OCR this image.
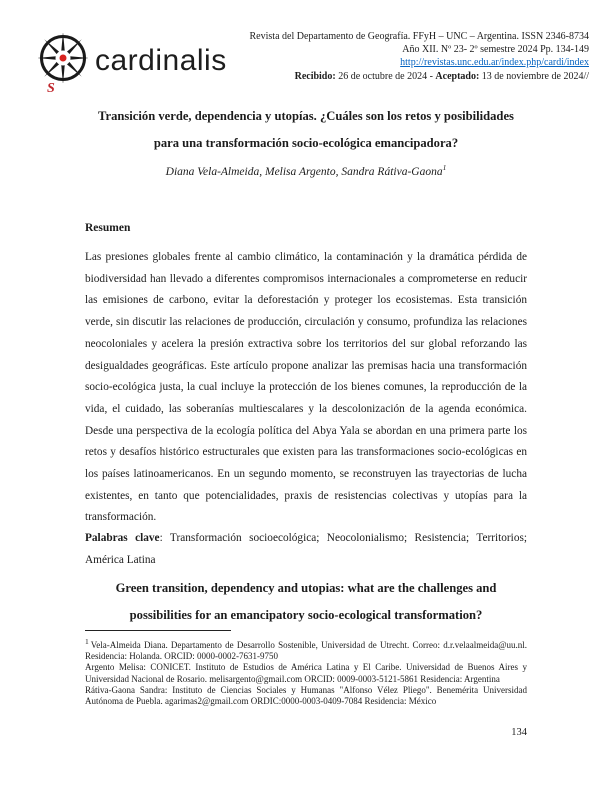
S
cardinalis
Revista del Departamento de Geografía. FFyH – UNC – Argentina. ISSN 2346-8734
Año XII. Nº 23- 2º semestre 2024 Pp. 134-149
http://revistas.unc.edu.ar/index.php/cardi/index
Recibido: 26 de octubre de 2024 - Aceptado: 13 de noviembre de 2024//
Transición verde, dependencia y utopías. ¿Cuáles son los retos y posibilidades para una transformación socio-ecológica emancipadora?
Diana Vela-Almeida, Melisa Argento, Sandra Rátiva-Gaona$^1$
Resumen

Las presiones globales frente al cambio climático, la contaminación y la dramática pérdida de biodiversidad han llevado a diferentes compromisos internacionales a comprometerse en reducir las emisiones de carbono, evitar la deforestación y proteger los ecosistemas. Esta transición verde, sin discutir las relaciones de producción, circulación y consumo, profundiza las relaciones neocoloniales y acelera la presión extractiva sobre los territorios del sur global reforzando las desigualdades geográficas. Este artículo propone analizar las premisas hacia una transformación socio-ecológica justa, la cual incluye la protección de los bienes comunes, la reproducción de la vida, el cuidado, las soberanías multiescalares y la descolonización de la agenda económica. Desde una perspectiva de la ecología política del Abya Yala se abordan en una primera parte los retos y desafíos histórico estructurales que existen para las transformaciones socio-ecológicas en los países latinoamericanos. En un segundo momento, se reconstruyen las trayectorias de lucha existentes, en tanto que potencialidades, praxis de resistencias colectivas y utopías para la transformación.

Palabras clave: Transformación socioecológica; Neocolonialismo; Resistencia; Territorios; América Latina
Green transition, dependency and utopias: what are the challenges and possibilities for an emancipatory socio-ecological transformation?

$^1$ Vela-Almeida Diana. Departamento de Desarrollo Sostenible, Universidad de Utrecht. Correo: d.r.velaalmeida@uu.nl. Residencia: Holanda. ORCID: 0000-0002-7631-9750

Argento Melisa: CONICET. Instituto de Estudios de América Latina y El Caribe. Universidad de Buenos Aires y Universidad Nacional de Rosario. melisargento@gmail.com ORCID: 0009-0003-5121-5861 Residencia: Argentina

Rátiva-Gaona Sandra: Instituto de Ciencias Sociales y Humanas "Alfonso Vélez Pliego". Benemérita Universidad Autónoma de Puebla. agarimas2@gmail.com ORDIC:0000-0003-0409-7084 Residencia: México

134
